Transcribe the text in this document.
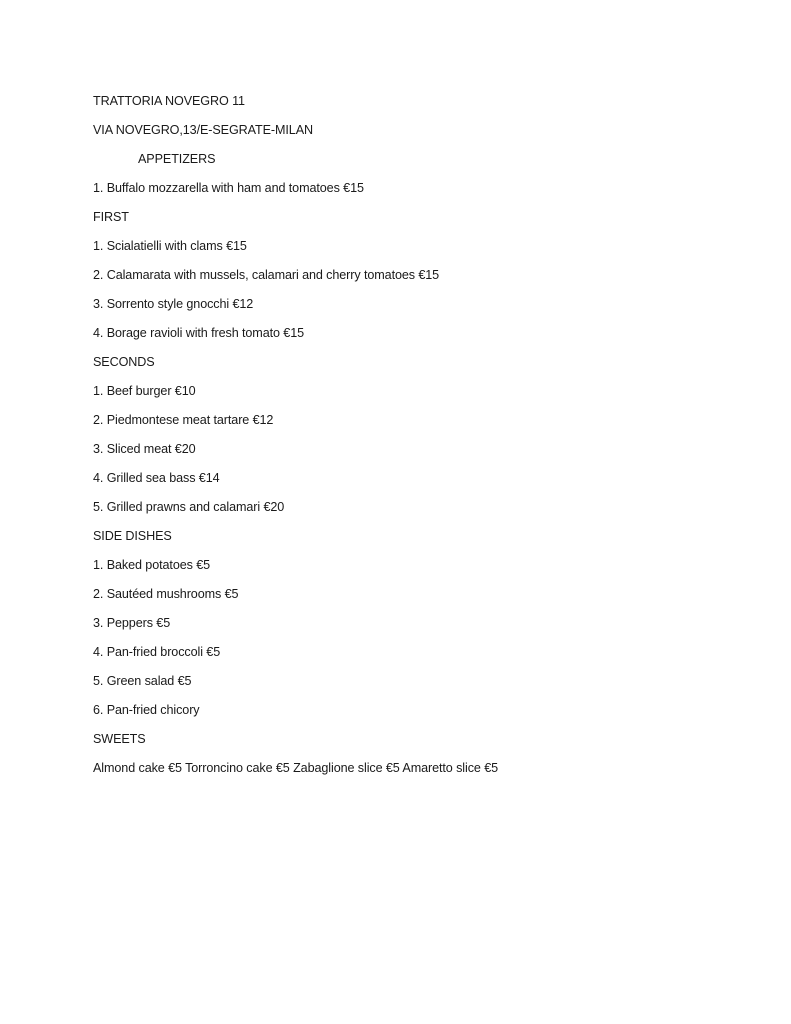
TRATTORIA NOVEGRO 11
VIA NOVEGRO,13/E-SEGRATE-MILAN
APPETIZERS
1. Buffalo mozzarella with ham and tomatoes €15
FIRST
1. Scialatielli with clams €15
2. Calamarata with mussels, calamari and cherry tomatoes €15
3. Sorrento style gnocchi €12
4. Borage ravioli with fresh tomato €15
SECONDS
1. Beef burger €10
2. Piedmontese meat tartare €12
3. Sliced meat €20
4. Grilled sea bass €14
5. Grilled prawns and calamari €20
SIDE DISHES
1. Baked potatoes €5
2. Sautéed mushrooms €5
3. Peppers €5
4. Pan-fried broccoli €5
5. Green salad €5
6. Pan-fried chicory
SWEETS
Almond cake €5 Torroncino cake €5 Zabaglione slice €5 Amaretto slice €5
